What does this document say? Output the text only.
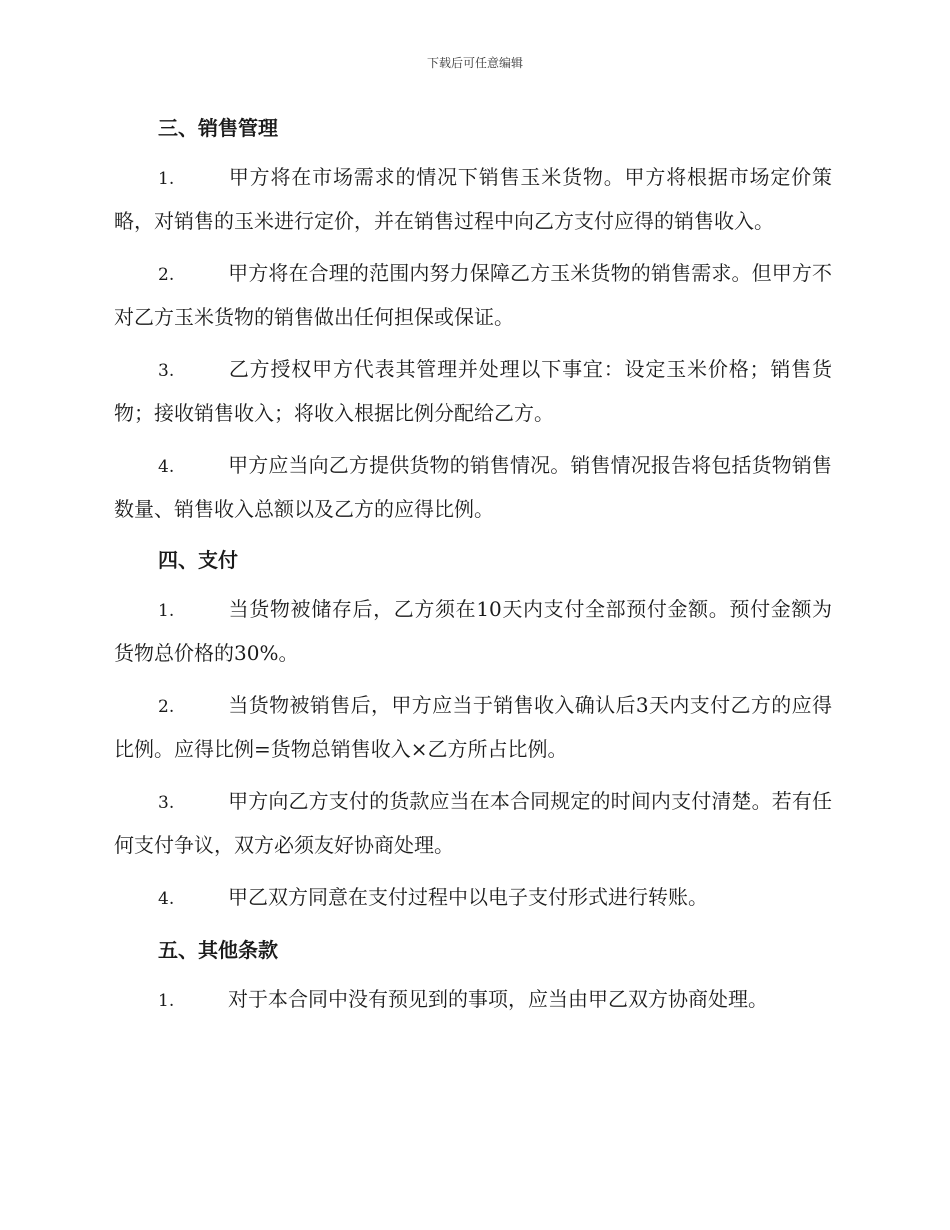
下载后可任意编辑
三、销售管理
1.	甲方将在市场需求的情况下销售玉米货物。甲方将根据市场定价策略，对销售的玉米进行定价，并在销售过程中向乙方支付应得的销售收入。
2.	甲方将在合理的范围内努力保障乙方玉米货物的销售需求。但甲方不对乙方玉米货物的销售做出任何担保或保证。
3.	乙方授权甲方代表其管理并处理以下事宜：设定玉米价格；销售货物；接收销售收入；将收入根据比例分配给乙方。
4.	甲方应当向乙方提供货物的销售情况。销售情况报告将包括货物销售数量、销售收入总额以及乙方的应得比例。
四、支付
1.	当货物被储存后，乙方须在10天内支付全部预付金额。预付金额为货物总价格的30%。
2.	当货物被销售后，甲方应当于销售收入确认后3天内支付乙方的应得比例。应得比例=货物总销售收入×乙方所占比例。
3.	甲方向乙方支付的货款应当在本合同规定的时间内支付清楚。若有任何支付争议，双方必须友好协商处理。
4.	甲乙双方同意在支付过程中以电子支付形式进行转账。
五、其他条款
1.	对于本合同中没有预见到的事项，应当由甲乙双方协商处理。
